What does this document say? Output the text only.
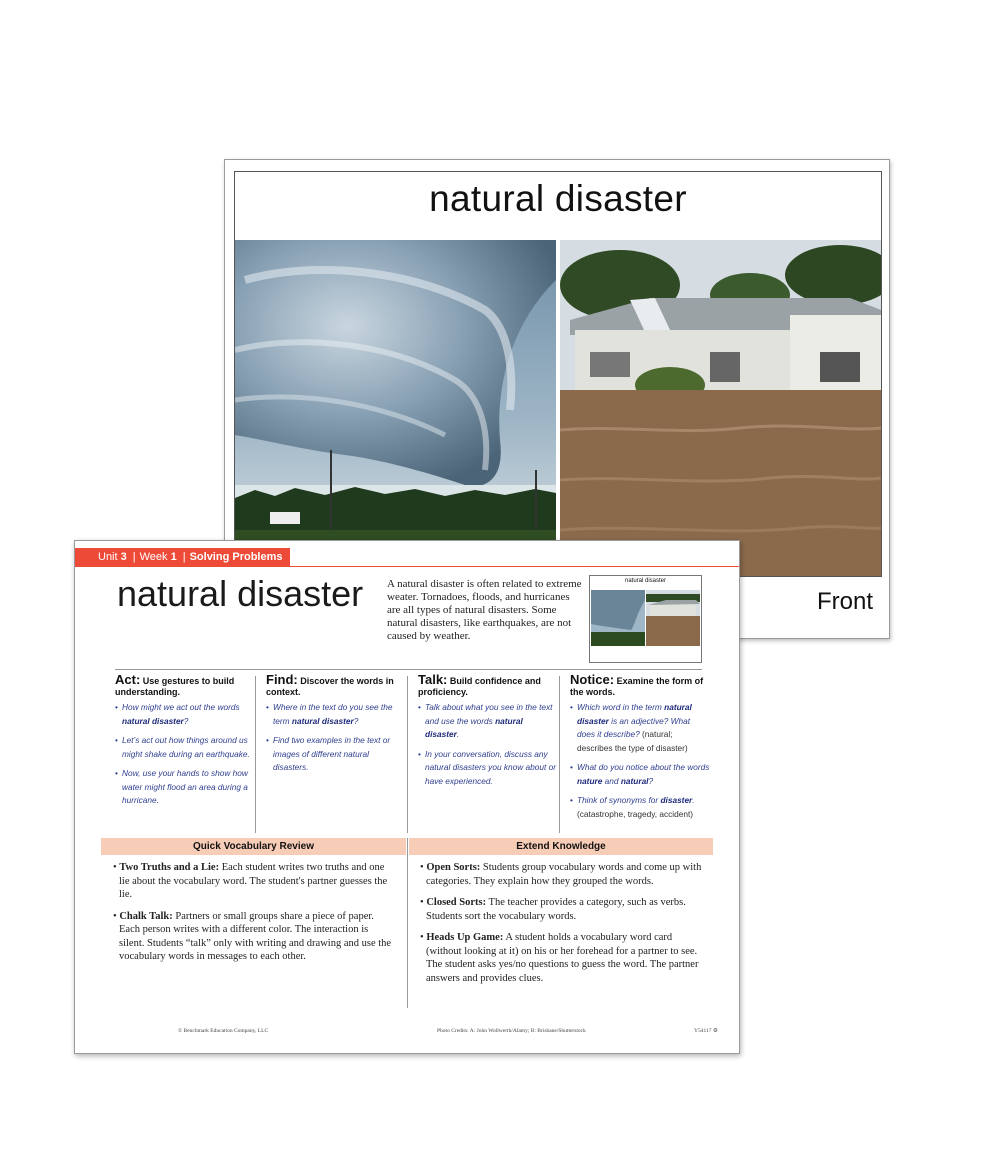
natural disaster
Front
Unit 3 | Week 1 | Solving Problems
natural disaster A natural disaster is often related to extreme weater. Tornadoes, floods, and hurricanes are all types of natural disasters. Some natural disasters, like earthquakes, are not caused by weather.
natural disaster
Act: Use gestures to build understanding.
• How might we act out the words natural disaster?
• Let’s act out how things around us might shake during an earthquake.
• Now, use your hands to show how water might flood an area during a hurricane.
Find: Discover the words in context.
• Where in the text do you see the term natural disaster?
• Find two examples in the text or images of different natural disasters.
Talk: Build confidence and proficiency.
• Talk about what you see in the text and use the words natural disaster.
• In your conversation, discuss any natural disasters you know about or have experienced.
Notice: Examine the form of the words.
• Which word in the term natural disaster is an adjective? What does it describe? (natural; describes the type of disaster)
• What do you notice about the words nature and natural?
• Think of synonyms for disaster. (catastrophe, tragedy, accident)
Quick Vocabulary Review	Extend Knowledge

• Two Truths and a Lie: Each student writes two truths and one lie about the vocabulary word. The student's partner guesses the lie.

• Chalk Talk: Partners or small groups share a piece of paper. Each person writes with a different color. The interaction is silent. Students “talk” only with writing and drawing and use the vocabulary words in messages to each other.

• Open Sorts: Students group vocabulary words and come up with categories. They explain how they grouped the words.

• Closed Sorts: The teacher provides a category, such as verbs. Students sort the vocabulary words.

• Heads Up Game: A student holds a vocabulary word card (without looking at it) on his or her forehead for a partner to see. The student asks yes/no questions to guess the word. The partner answers and provides clues.

© Benchmark Education Company, LLC	Photo Credits: A: John Wollwerth/Alamy; B: Brisbane/Shutterstock	Y54117 ⚙
